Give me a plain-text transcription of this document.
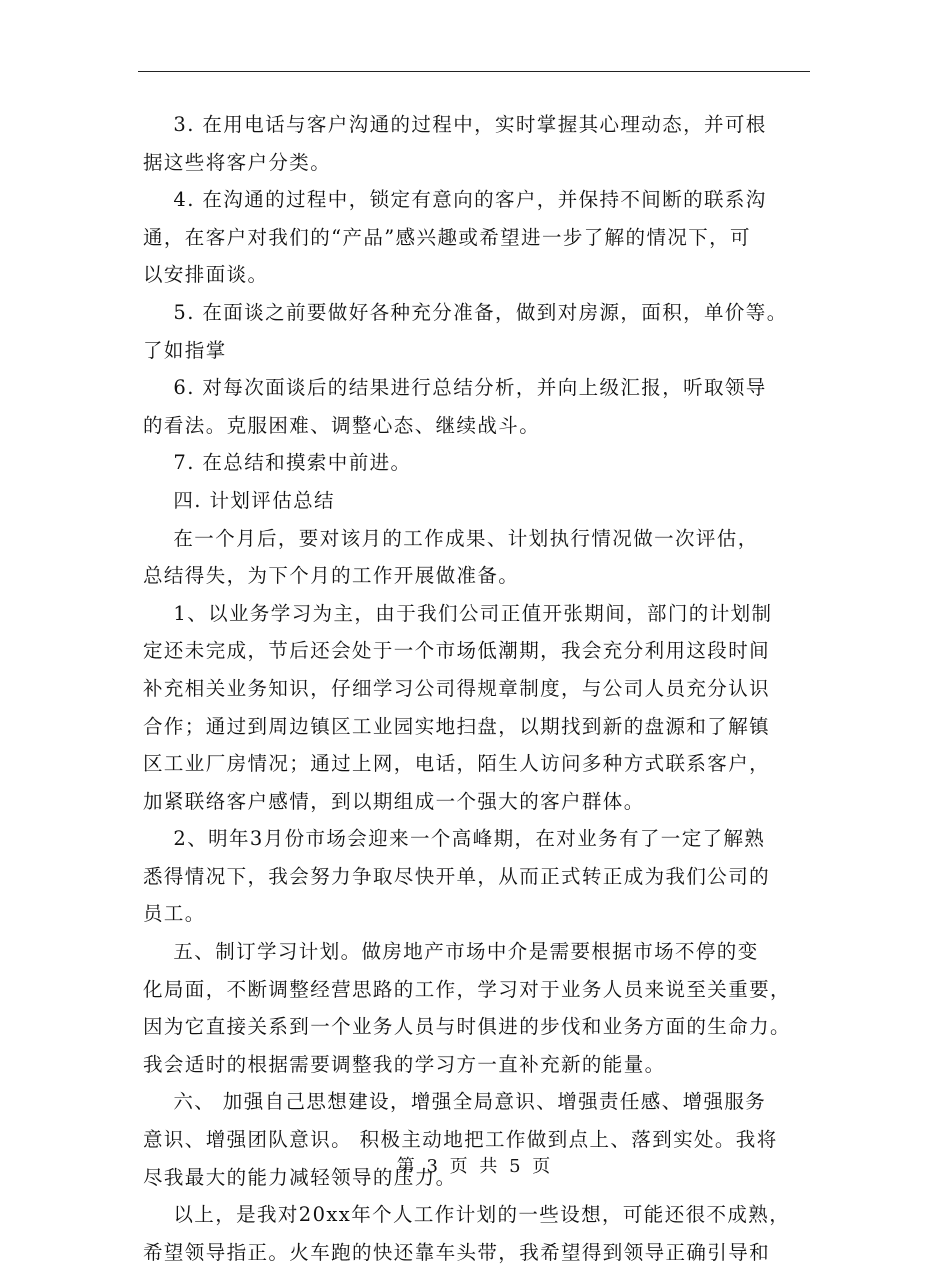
3. 在用电话与客户沟通的过程中，实时掌握其心理动态，并可根
据这些将客户分类。
4. 在沟通的过程中，锁定有意向的客户，并保持不间断的联系沟
通，在客户对我们的“产品”感兴趣或希望进一步了解的情况下，可
以安排面谈。
5. 在面谈之前要做好各种充分准备，做到对房源，面积，单价等。
了如指掌
6. 对每次面谈后的结果进行总结分析，并向上级汇报，听取领导
的看法。克服困难、调整心态、继续战斗。
7. 在总结和摸索中前进。
四. 计划评估总结
在一个月后，要对该月的工作成果、计划执行情况做一次评估，
总结得失，为下个月的工作开展做准备。
1、以业务学习为主，由于我们公司正值开张期间，部门的计划制
定还未完成，节后还会处于一个市场低潮期，我会充分利用这段时间
补充相关业务知识，仔细学习公司得规章制度，与公司人员充分认识
合作；通过到周边镇区工业园实地扫盘，以期找到新的盘源和了解镇
区工业厂房情况；通过上网，电话，陌生人访问多种方式联系客户，
加紧联络客户感情，到以期组成一个强大的客户群体。
2、明年3月份市场会迎来一个高峰期，在对业务有了一定了解熟
悉得情况下，我会努力争取尽快开单，从而正式转正成为我们公司的
员工。
五、制订学习计划。做房地产市场中介是需要根据市场不停的变
化局面，不断调整经营思路的工作，学习对于业务人员来说至关重要，
因为它直接关系到一个业务人员与时俱进的步伐和业务方面的生命力。
我会适时的根据需要调整我的学习方一直补充新的能量。
六、 加强自己思想建设，增强全局意识、增强责任感、增强服务
意识、增强团队意识。 积极主动地把工作做到点上、落到实处。我将
尽我最大的能力减轻领导的压力。
以上，是我对20xx年个人工作计划的一些设想，可能还很不成熟，
希望领导指正。火车跑的快还靠车头带，我希望得到领导正确引导和
第 3 页 共 5 页
